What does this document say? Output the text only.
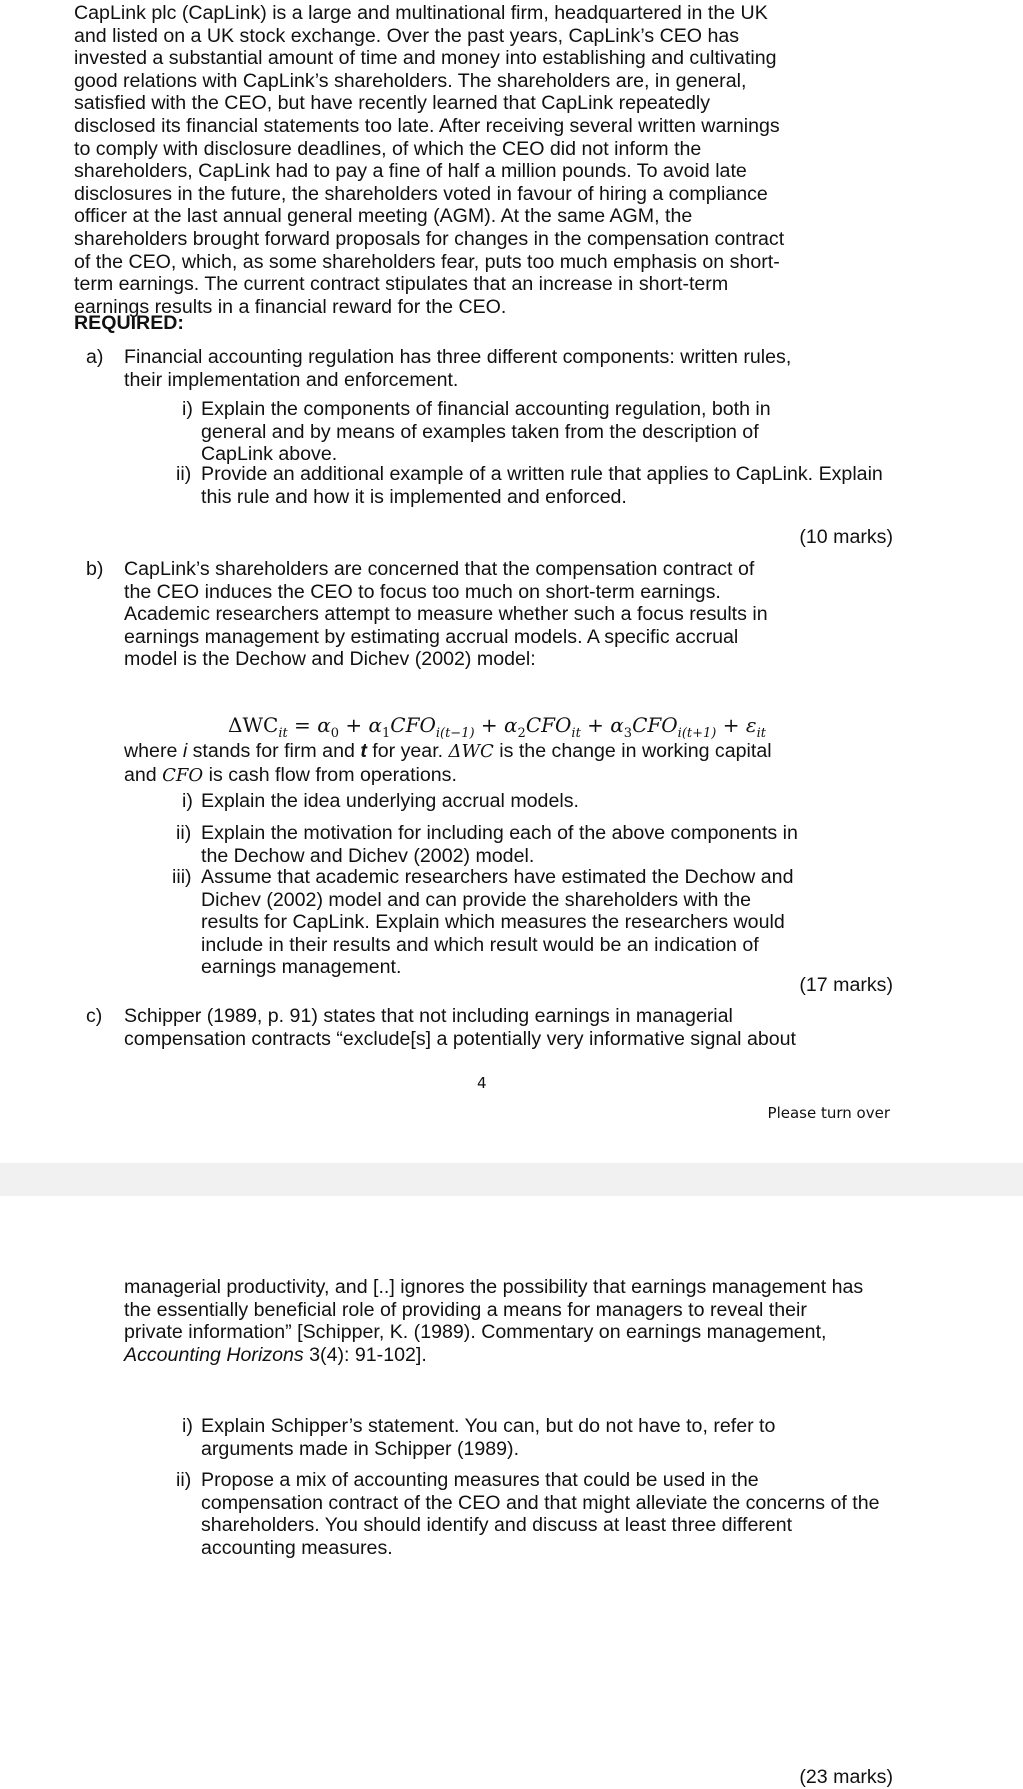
CapLink plc (CapLink) is a large and multinational firm, headquartered in the UK and listed on a UK stock exchange. Over the past years, CapLink’s CEO has invested a substantial amount of time and money into establishing and cultivating good relations with CapLink’s shareholders. The shareholders are, in general, satisfied with the CEO, but have recently learned that CapLink repeatedly disclosed its financial statements too late. After receiving several written warnings to comply with disclosure deadlines, of which the CEO did not inform the shareholders, CapLink had to pay a fine of half a million pounds. To avoid late disclosures in the future, the shareholders voted in favour of hiring a compliance officer at the last annual general meeting (AGM). At the same AGM, the shareholders brought forward proposals for changes in the compensation contract of the CEO, which, as some shareholders fear, puts too much emphasis on short-term earnings. The current contract stipulates that an increase in short-term earnings results in a financial reward for the CEO.

REQUIRED:
a) Financial accounting regulation has three different components: written rules, their implementation and enforcement.

i) Explain the components of financial accounting regulation, both in general and by means of examples taken from the description of CapLink above.

ii) Provide an additional example of a written rule that applies to CapLink. Explain this rule and how it is implemented and enforced.

(10 marks)
b) CapLink’s shareholders are concerned that the compensation contract of the CEO induces the CEO to focus too much on short-term earnings. Academic researchers attempt to measure whether such a focus results in earnings management by estimating accrual models. A specific accrual model is the Dechow and Dichev (2002) model:

$\Delta WC_{it} = \alpha_0 + \alpha_1CFO_{i(t-1)} + \alpha_2CFO_{it} + \alpha_3CFO_{i(t+1)} + \varepsilon_{it}$

where i stands for firm and t for year. ΔWC is the change in working capital and CFO is cash flow from operations.

i) Explain the idea underlying accrual models.

ii) Explain the motivation for including each of the above components in the Dechow and Dichev (2002) model.

iii) Assume that academic researchers have estimated the Dechow and Dichev (2002) model and can provide the shareholders with the results for CapLink. Explain which measures the researchers would include in their results and which result would be an indication of earnings management.

(17 marks)
c) Schipper (1989, p. 91) states that not including earnings in managerial compensation contracts “exclude[s] a potentially very informative signal about

4
Please turn over

managerial productivity, and [..] ignores the possibility that earnings management has the essentially beneficial role of providing a means for managers to reveal their private information” [Schipper, K. (1989). Commentary on earnings management, Accounting Horizons 3(4): 91-102].

i) Explain Schipper’s statement. You can, but do not have to, refer to arguments made in Schipper (1989).

ii) Propose a mix of accounting measures that could be used in the compensation contract of the CEO and that might alleviate the concerns of the shareholders. You should identify and discuss at least three different accounting measures.

(23 marks)
